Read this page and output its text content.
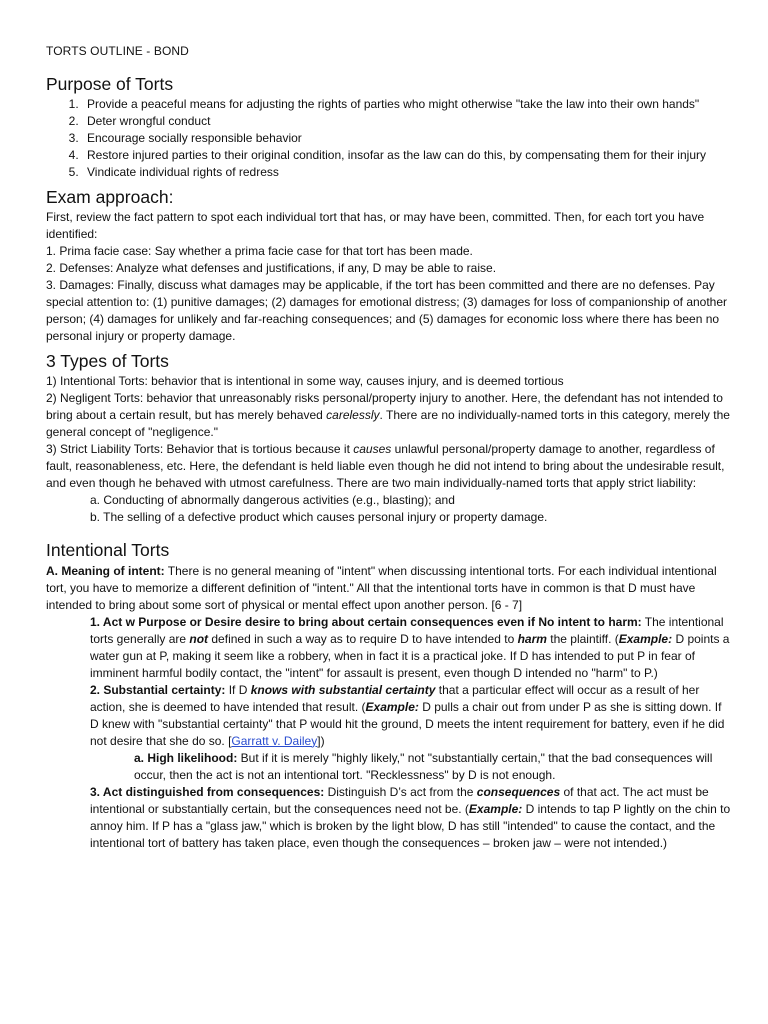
TORTS OUTLINE - BOND
Purpose of Torts
1. Provide a peaceful means for adjusting the rights of parties who might otherwise "take the law into their own hands"
2. Deter wrongful conduct
3. Encourage socially responsible behavior
4. Restore injured parties to their original condition, insofar as the law can do this, by compensating them for their injury
5. Vindicate individual rights of redress
Exam approach:

First, review the fact pattern to spot each individual tort that has, or may have been, committed. Then, for each tort you have identified:

1. Prima facie case: Say whether a prima facie case for that tort has been made.

2. Defenses: Analyze what defenses and justifications, if any, D may be able to raise.

3. Damages: Finally, discuss what damages may be applicable, if the tort has been committed and there are no defenses. Pay special attention to: (1) punitive damages; (2) damages for emotional distress; (3) damages for loss of companionship of another person; (4) damages for unlikely and far-reaching consequences; and (5) damages for economic loss where there has been no personal injury or property damage.

3 Types of Torts

1) Intentional Torts: behavior that is intentional in some way, causes injury, and is deemed tortious

2) Negligent Torts: behavior that unreasonably risks personal/property injury to another. Here, the defendant has not intended to bring about a certain result, but has merely behaved carelessly. There are no individually-named torts in this category, merely the general concept of "negligence."

3) Strict Liability Torts: Behavior that is tortious because it causes unlawful personal/property damage to another, regardless of fault, reasonableness, etc. Here, the defendant is held liable even though he did not intend to bring about the undesirable result, and even though he behaved with utmost carefulness. There are two main individually-named torts that apply strict liability:

a. Conducting of abnormally dangerous activities (e.g., blasting); and

b. The selling of a defective product which causes personal injury or property damage.

Intentional Torts

A. Meaning of intent: There is no general meaning of "intent" when discussing intentional torts. For each individual intentional tort, you have to memorize a different definition of "intent." All that the intentional torts have in common is that D must have intended to bring about some sort of physical or mental effect upon another person. [6 - 7]

1. Act w Purpose or Desire desire to bring about certain consequences even if No intent to harm: The intentional torts generally are not defined in such a way as to require D to have intended to harm the plaintiff. (Example: D points a water gun at P, making it seem like a robbery, when in fact it is a practical joke. If D has intended to put P in fear of imminent harmful bodily contact, the "intent" for assault is present, even though D intended no "harm" to P.)

2. Substantial certainty: If D knows with substantial certainty that a particular effect will occur as a result of her action, she is deemed to have intended that result. (Example: D pulls a chair out from under P as she is sitting down. If D knew with "substantial certainty" that P would hit the ground, D meets the intent requirement for battery, even if he did not desire that she do so. [Garratt v. Dailey])

a. High likelihood: But if it is merely "highly likely," not "substantially certain," that the bad consequences will occur, then the act is not an intentional tort. "Recklessness" by D is not enough.

3. Act distinguished from consequences: Distinguish D’s act from the consequences of that act. The act must be intentional or substantially certain, but the consequences need not be. (Example: D intends to tap P lightly on the chin to annoy him. If P has a "glass jaw," which is broken by the light blow, D has still "intended" to cause the contact, and the intentional tort of battery has taken place, even though the consequences – broken jaw – were not intended.)
